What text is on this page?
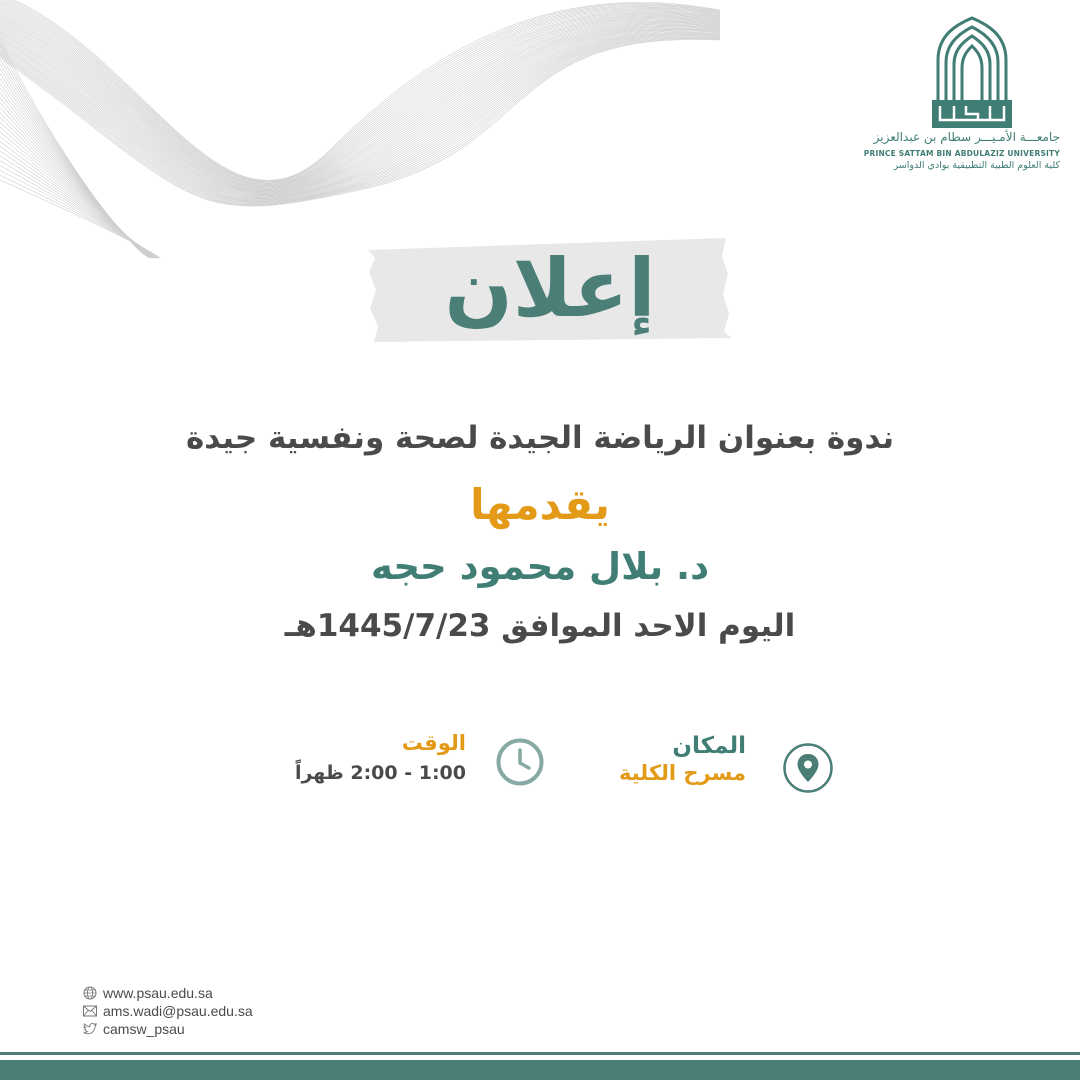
جامعـــة الأمـيـــر سطام بن عبدالعزيز
PRINCE SATTAM BIN ABDULAZIZ UNIVERSITY
كلية العلوم الطبية التطبيقية بوادي الدواسر
إعلان
ندوة بعنوان الرياضة الجيدة لصحة ونفسية جيدة
يقدمها
د. بلال محمود حجه
اليوم الاحد الموافق 1445/7/23هـ
المكان
مسرح الكلية
الوقت
1:00 - 2:00 ظهراً
www.psau.edu.sa
ams.wadi@psau.edu.sa
camsw_psau
